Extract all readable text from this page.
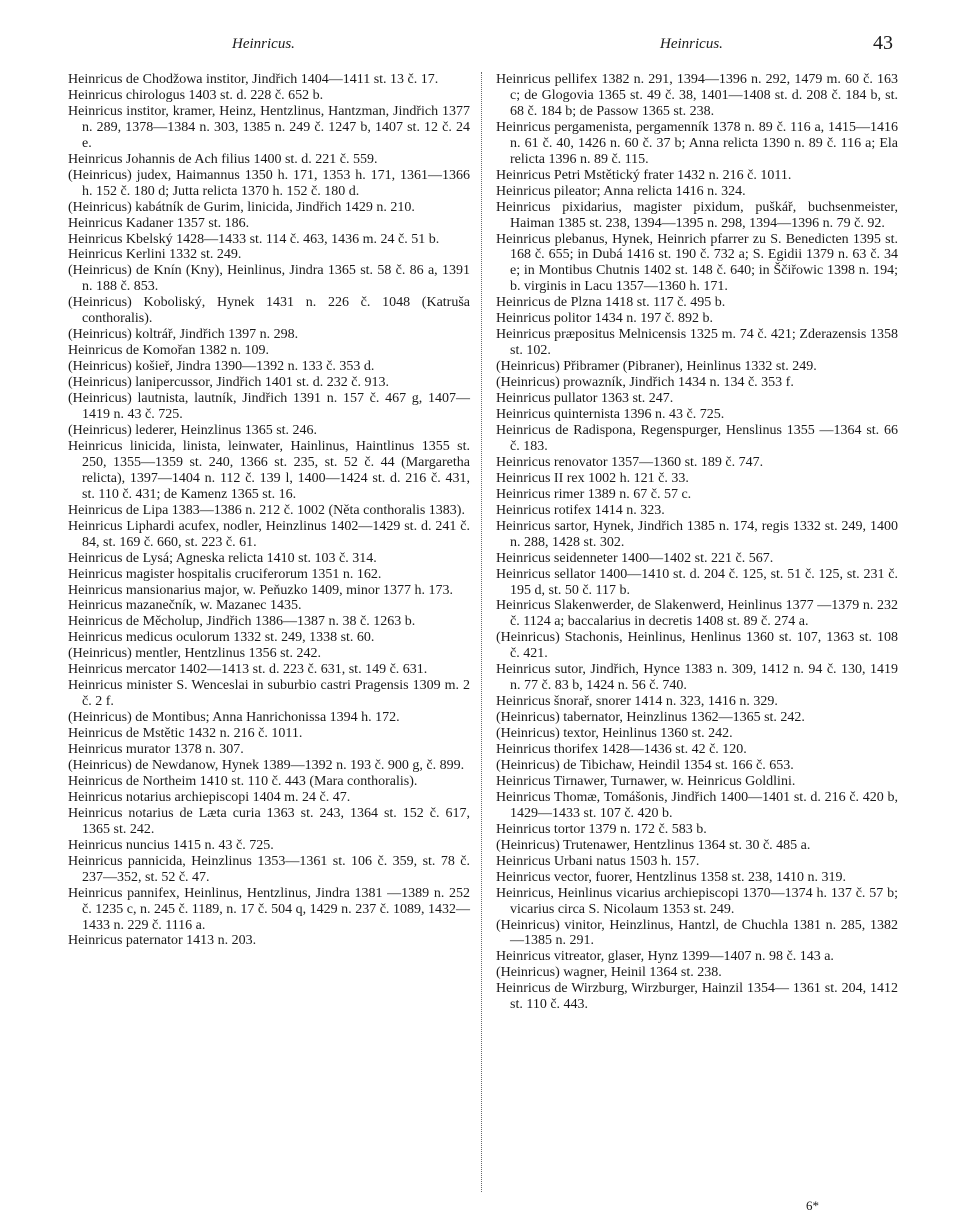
Heinricus.	Heinricus.	43

Heinricus de Chodžowa institor, Jindřich 1404—1411 st. 13 č. 17.

Heinricus chirologus 1403 st. d. 228 č. 652 b.

Heinricus institor, kramer, Heinz, Hentzlinus, Hantzman, Jindřich 1377 n. 289, 1378—1384 n. 303, 1385 n. 249 č. 1247 b, 1407 st. 12 č. 24 e.

Heinricus Johannis de Ach filius 1400 st. d. 221 č. 559.

(Heinricus) judex, Haimannus 1350 h. 171, 1353 h. 171, 1361—1366 h. 152 č. 180 d; Jutta relicta 1370 h. 152 č. 180 d.

(Heinricus) kabátník de Gurim, linicida, Jindřich 1429 n. 210.

Heinricus Kadaner 1357 st. 186.

Heinricus Kbelský 1428—1433 st. 114 č. 463, 1436 m. 24 č. 51 b.

Heinricus Kerlini 1332 st. 249.

(Heinricus) de Knín (Kny), Heinlinus, Jindra 1365 st. 58 č. 86 a, 1391 n. 188 č. 853.

(Heinricus) Koboliský, Hynek 1431 n. 226 č. 1048 (Katruša conthoralis).

(Heinricus) koltrář, Jindřich 1397 n. 298.

Heinricus de Komořan 1382 n. 109.

(Heinricus) košieř, Jindra 1390—1392 n. 133 č. 353 d.

(Heinricus) lanipercussor, Jindřich 1401 st. d. 232 č. 913.

(Heinricus) lautnista, lautník, Jindřich 1391 n. 157 č. 467 g, 1407—1419 n. 43 č. 725.

(Heinricus) lederer, Heinzlinus 1365 st. 246.

Heinricus linicida, linista, leinwater, Hainlinus, Haintlinus 1355 st. 250, 1355—1359 st. 240, 1366 st. 235, st. 52 č. 44 (Margaretha relicta), 1397—1404 n. 112 č. 139 l, 1400—1424 st. d. 216 č. 431, st. 110 č. 431; de Kamenz 1365 st. 16.

Heinricus de Lipa 1383—1386 n. 212 č. 1002 (Něta conthoralis 1383).

Heinricus Liphardi acufex, nodler, Heinzlinus 1402—1429 st. d. 241 č. 84, st. 169 č. 660, st. 223 č. 61.

Heinricus de Lysá; Agneska relicta 1410 st. 103 č. 314.

Heinricus magister hospitalis cruciferorum 1351 n. 162.

Heinricus mansionarius major, w. Peňuzko 1409, minor 1377 h. 173.

Heinricus mazanečník, w. Mazanec 1435.

Heinricus de Měcholup, Jindřich 1386—1387 n. 38 č. 1263 b.

Heinricus medicus oculorum 1332 st. 249, 1338 st. 60.

(Heinricus) mentler, Hentzlinus 1356 st. 242.

Heinricus mercator 1402—1413 st. d. 223 č. 631, st. 149 č. 631.

Heinricus minister S. Wenceslai in suburbio castri Pragensis 1309 m. 2 č. 2 f.

(Heinricus) de Montibus; Anna Hanrichonissa 1394 h. 172.

Heinricus de Mstětic 1432 n. 216 č. 1011.

Heinricus murator 1378 n. 307.

(Heinricus) de Newdanow, Hynek 1389—1392 n. 193 č. 900 g, č. 899.

Heinricus de Northeim 1410 st. 110 č. 443 (Mara conthoralis).

Heinricus notarius archiepiscopi 1404 m. 24 č. 47.

Heinricus notarius de Læta curia 1363 st. 243, 1364 st. 152 č. 617, 1365 st. 242.

Heinricus nuncius 1415 n. 43 č. 725.

Heinricus pannicida, Heinzlinus 1353—1361 st. 106 č. 359, st. 78 č. 237—352, st. 52 č. 47.

Heinricus pannifex, Heinlinus, Hentzlinus, Jindra 1381 —1389 n. 252 č. 1235 c, n. 245 č. 1189, n. 17 č. 504 q, 1429 n. 237 č. 1089, 1432—1433 n. 229 č. 1116 a.

Heinricus paternator 1413 n. 203.

Heinricus pellifex 1382 n. 291, 1394—1396 n. 292, 1479 m. 60 č. 163 c; de Glogovia 1365 st. 49 č. 38, 1401—1408 st. d. 208 č. 184 b, st. 68 č. 184 b; de Passow 1365 st. 238.

Heinricus pergamenista, pergamenník 1378 n. 89 č. 116 a, 1415—1416 n. 61 č. 40, 1426 n. 60 č. 37 b; Anna relicta 1390 n. 89 č. 116 a; Ela relicta 1396 n. 89 č. 115.

Heinricus Petri Mstětický frater 1432 n. 216 č. 1011.

Heinricus pileator; Anna relicta 1416 n. 324.

Heinricus pixidarius, magister pixidum, puškář, buchsenmeister, Haiman 1385 st. 238, 1394—1395 n. 298, 1394—1396 n. 79 č. 92.

Heinricus plebanus, Hynek, Heinrich pfarrer zu S. Benedicten 1395 st. 168 č. 655; in Dubá 1416 st. 190 č. 732 a; S. Egidii 1379 n. 63 č. 34 e; in Montibus Chutnis 1402 st. 148 č. 640; in Ščiřowic 1398 n. 194; b. virginis in Lacu 1357—1360 h. 171.

Heinricus de Plzna 1418 st. 117 č. 495 b.

Heinricus politor 1434 n. 197 č. 892 b.

Heinricus præpositus Melnicensis 1325 m. 74 č. 421; Zderazensis 1358 st. 102.

(Heinricus) Přibramer (Pibraner), Heinlinus 1332 st. 249.

(Heinricus) prowazník, Jindřich 1434 n. 134 č. 353 f.

Heinricus pullator 1363 st. 247.

Heinricus quinternista 1396 n. 43 č. 725.

Heinricus de Radispona, Regenspurger, Henslinus 1355 —1364 st. 66 č. 183.

Heinricus renovator 1357—1360 st. 189 č. 747.

Heinricus II rex 1002 h. 121 č. 33.

Heinricus rimer 1389 n. 67 č. 57 c.

Heinricus rotifex 1414 n. 323.

Heinricus sartor, Hynek, Jindřich 1385 n. 174, regis 1332 st. 249, 1400 n. 288, 1428 st. 302.

Heinricus seidenneter 1400—1402 st. 221 č. 567.

Heinricus sellator 1400—1410 st. d. 204 č. 125, st. 51 č. 125, st. 231 č. 195 d, st. 50 č. 117 b.

Heinricus Slakenwerder, de Slakenwerd, Heinlinus 1377 —1379 n. 232 č. 1124 a; baccalarius in decretis 1408 st. 89 č. 274 a.

(Heinricus) Stachonis, Heinlinus, Henlinus 1360 st. 107, 1363 st. 108 č. 421.

Heinricus sutor, Jindřich, Hynce 1383 n. 309, 1412 n. 94 č. 130, 1419 n. 77 č. 83 b, 1424 n. 56 č. 740.

Heinricus šnorař, snorer 1414 n. 323, 1416 n. 329.

(Heinricus) tabernator, Heinzlinus 1362—1365 st. 242.

(Heinricus) textor, Heinlinus 1360 st. 242.

Heinricus thorifex 1428—1436 st. 42 č. 120.

(Heinricus) de Tibichaw, Heindil 1354 st. 166 č. 653.

Heinricus Tirnawer, Turnawer, w. Heinricus Goldlini.

Heinricus Thomæ, Tomášonis, Jindřich 1400—1401 st. d. 216 č. 420 b, 1429—1433 st. 107 č. 420 b.

Heinricus tortor 1379 n. 172 č. 583 b.

(Heinricus) Trutenawer, Hentzlinus 1364 st. 30 č. 485 a.

Heinricus Urbani natus 1503 h. 157.

Heinricus vector, fuorer, Hentzlinus 1358 st. 238, 1410 n. 319.

Heinricus, Heinlinus vicarius archiepiscopi 1370—1374 h. 137 č. 57 b; vicarius circa S. Nicolaum 1353 st. 249.

(Heinricus) vinitor, Heinzlinus, Hantzl, de Chuchla 1381 n. 285, 1382—1385 n. 291.

Heinricus vitreator, glaser, Hynz 1399—1407 n. 98 č. 143 a.

(Heinricus) wagner, Heinil 1364 st. 238.

Heinricus de Wirzburg, Wirzburger, Hainzil 1354— 1361 st. 204, 1412 st. 110 č. 443.

6*
